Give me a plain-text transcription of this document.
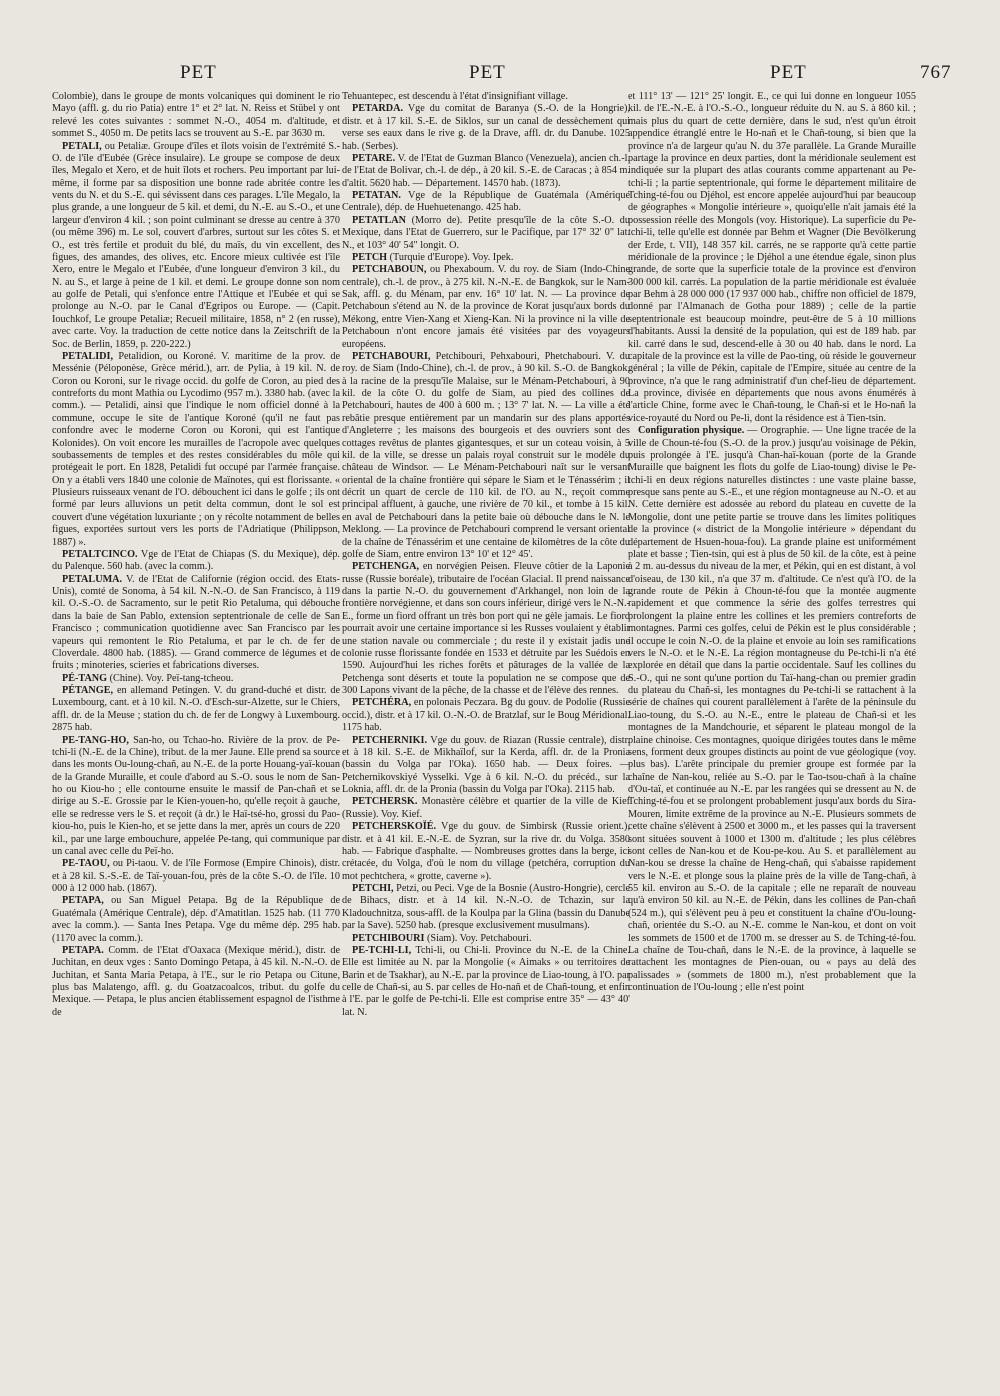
PET	PET	PET	767

Colombie), dans le groupe de monts volcaniques qui dominent le rio Mayo (affl. g. du rio Patia) entre 1° et 2° lat. N. Reiss et Stübel y ont relevé les cotes suivantes : sommet N.-O., 4054 m. d'altitude, et sommet S., 4050 m. De petits lacs se trouvent au S.-E. par 3630 m.

PETALI, ou Petaliæ. Groupe d'îles et îlots voisin de l'extrémité S.-O. de l'île d'Eubée (Grèce insulaire). Le groupe se compose de deux îles, Megalo et Xero, et de huit îlots et rochers. Peu important par lui-même, il forme par sa disposition une bonne rade abritée contre les vents du N. et du S.-E. qui sévissent dans ces parages. L'île Megalo, la plus grande, a une longueur de 5 kil. et demi, du N.-E. au S.-O., et une largeur d'environ 4 kil. ; son point culminant se dresse au centre à 370 (ou même 396) m. Le sol, couvert d'arbres, surtout sur les côtes S. et O., est très fertile et produit du blé, du maïs, du vin excellent, des figues, des amandes, des olives, etc. Encore mieux cultivée est l'île Xero, entre le Megalo et l'Eubée, d'une longueur d'environ 3 kil., du N. au S., et large à peine de 1 kil. et demi. Le groupe donne son nom au golfe de Petali, qui s'enfonce entre l'Attique et l'Eubée et qui se prolonge au N.-O. par le Canal d'Egripos ou Europe. — (Capit. Iouchkof, Le groupe Petaliæ; Recueil militaire, 1858, n° 2 (en russe), avec carte. Voy. la traduction de cette notice dans la Zeitschrift de la Soc. de Berlin, 1859, p. 220-222.)

PETALIDI, Petalidion, ou Koroné. V. maritime de la prov. de Messénie (Péloponèse, Grèce mérid.), arr. de Pylia, à 19 kil. N. de Coron ou Koroni, sur le rivage occid. du golfe de Coron, au pied des contreforts du mont Mathia ou Lycodimo (957 m.). 3380 hab. (avec la comm.). — Petalidi, ainsi que l'indique le nom officiel donné à la commune, occupe le site de l'antique Koroné (qu'il ne faut pas confondre avec le moderne Coron ou Koroni, qui est l'antique Kolonides). On voit encore les murailles de l'acropole avec quelques soubassements de temples et des restes considérables du môle qui protégeait le port. En 1828, Petalidi fut occupé par l'armée française. On y a établi vers 1840 une colonie de Maïnotes, qui est florissante. « Plusieurs ruisseaux venant de l'O. débouchent ici dans le golfe ; ils ont formé par leurs alluvions un petit delta commun, dont le sol est couvert d'une végétation luxuriante ; on y récolte notamment de belles figues, exportées surtout vers les ports de l'Adriatique (Philippson, 1887) ».

PETALTCINCO. Vge de l'Etat de Chiapas (S. du Mexique), dép. du Palenque. 560 hab. (avec la comm.).

PETALUMA. V. de l'Etat de Californie (région occid. des Etats-Unis), comté de Sonoma, à 54 kil. N.-N.-O. de San Francisco, à 119 kil. O.-S.-O. de Sacramento, sur le petit Rio Petaluma, qui débouche dans la baie de San Pablo, extension septentrionale de celle de San Francisco ; communication quotidienne avec San Francisco par les vapeurs qui remontent le Rio Petaluma, et par le ch. de fer de Cloverdale. 4800 hab. (1885). — Grand commerce de légumes et de fruits ; minoteries, scieries et fabrications diverses.

PÉ-TANG (Chine). Voy. Peï-tang-tcheou.

PÉTANGE, en allemand Petingen. V. du grand-duché et distr. de Luxembourg, cant. et à 10 kil. N.-O. d'Esch-sur-Alzette, sur le Chiers, affl. dr. de la Meuse ; station du ch. de fer de Longwy à Luxembourg. 2875 hab.

PE-TANG-HO, San-ho, ou Tchao-ho. Rivière de la prov. de Pe-tchi-li (N.-E. de la Chine), tribut. de la mer Jaune. Elle prend sa source dans les monts Ou-loung-chañ, au N.-E. de la porte Houang-yaï-kouan de la Grande Muraille, et coule d'abord au S.-O. sous le nom de San-ho ou Kiou-ho ; elle contourne ensuite le massif de Pan-chañ et se dirige au S.-E. Grossie par le Kien-youen-ho, qu'elle reçoit à gauche, elle se redresse vers le S. et reçoit (à dr.) le Haï-tsé-ho, grossi du Pao-kiou-ho, puis le Kien-ho, et se jette dans la mer, après un cours de 220 kil., par une large embouchure, appelée Pe-tang, qui communique par un canal avec celle du Peï-ho.

PE-TAOU, ou Pi-taou. V. de l'île Formose (Empire Chinois), distr. et à 28 kil. S.-S.-E. de Taï-youan-fou, près de la côte S.-O. de l'île. 10 000 à 12 000 hab. (1867).

PETAPA, ou San Miguel Petapa. Bg de la République de Guatémala (Amérique Centrale), dép. d'Amatitlan. 1525 hab. (11 770 avec la comm.). — Santa Ines Petapa. Vge du même dép. 295 hab. (1170 avec la comm.).

PETAPA. Comm. de l'Etat d'Oaxaca (Mexique mérid.), distr. de Juchitan, en deux vges : Santo Domingo Petapa, à 45 kil. N.-N.-O. de Juchitan, et Santa Maria Petapa, à l'E., sur le rio Petapa ou Citune, plus bas Malatengo, affl. g. du Goatzacoalcos, tribut. du golfe du Mexique. — Petapa, le plus ancien établissement espagnol de l'isthme de

Tehuantepec, est descendu à l'état d'insignifiant village.

PETARDA. Vge du comitat de Baranya (S.-O. de la Hongrie), distr. et à 17 kil. S.-E. de Siklos, sur un canal de dessèchement qui verse ses eaux dans le rive g. de la Drave, affl. dr. du Danube. 1025 hab. (Serbes).

PETARE. V. de l'Etat de Guzman Blanco (Venezuela), ancien ch.-l. de l'Etat de Bolivar, ch.-l. de dép., à 20 kil. S.-E. de Caracas ; à 854 m. d'altit. 5620 hab. — Département. 14570 hab. (1873).

PETATAN. Vge de la République de Guatémala (Amérique Centrale), dép. de Huehuetenango. 425 hab.

PETATLAN (Morro de). Petite presqu'île de la côte S.-O. du Mexique, dans l'Etat de Guerrero, sur le Pacifique, par 17° 32' 0" lat. N., et 103° 40' 54" longit. O.

PETCH (Turquie d'Europe). Voy. Ipek.

PETCHABOUN, ou Phexaboum. V. du roy. de Siam (Indo-Chine centrale), ch.-l. de prov., à 275 kil. N.-N.-E. de Bangkok, sur le Nam-Sak, affl. g. du Ménam, par env. 16° 10' lat. N. — La province de Petchaboun s'étend au N. de la province de Korat jusqu'aux bords du Mékong, entre Vien-Xang et Xieng-Kan. Ni la province ni la ville de Petchaboun n'ont encore jamais été visitées par des voyageurs européens.

PETCHABOURI, Petchibouri, Pehxabouri, Phetchabouri. V. du roy. de Siam (Indo-Chine), ch.-l. de prov., à 90 kil. S.-O. de Bangkok, à la racine de la presqu'île Malaise, sur le Ménam-Petchabouri, à 90 kil. de la côte O. du golfe de Siam, au pied des collines de Petchabouri, hautes de 400 à 600 m. ; 13° 7' lat. N. — La ville a été rebâtie presque entièrement par un mandarin sur des plans apportés d'Angleterre ; les maisons des bourgeois et des ouvriers sont des cottages revêtus de plantes gigantesques, et sur un coteau voisin, à 5 kil. de la ville, se dresse un palais royal construit sur le modèle du château de Windsor. — Le Ménam-Petchabouri naît sur le versant oriental de la chaîne frontière qui sépare le Siam et le Ténassérim ; il décrit un quart de cercle de 110 kil. de l'O. au N., reçoit comme principal affluent, à gauche, une rivière de 70 kil., et tombe à 15 kil. en aval de Petchabouri dans la petite baie où débouche dans le N. le Meklong. — La province de Petchabouri comprend le versant oriental de la chaîne de Ténassérim et une centaine de kilomètres de la côte du golfe de Siam, entre environ 13° 10' et 12° 45'.

PETCHENGA, en norvégien Peisen. Fleuve côtier de la Laponie russe (Russie boréale), tributaire de l'océan Glacial. Il prend naissance dans la partie N.-O. du gouvernement d'Arkhangel, non loin de la frontière norvégienne, et dans son cours inférieur, dirigé vers le N.-N.-E., forme un fiord offrant un très bon port qui ne gèle jamais. Le fiord pourrait avoir une certaine importance si les Russes voulaient y établir une station navale ou commerciale ; du reste il y existait jadis une colonie russe florissante fondée en 1533 et détruite par les Suédois en 1590. Aujourd'hui les riches forêts et pâturages de la vallée de la Petchenga sont déserts et toute la population ne se compose que de 300 Lapons vivant de la pêche, de la chasse et de l'élève des rennes.

PETCHÉRA, en polonais Peczara. Bg du gouv. de Podolie (Russie occid.), distr. et à 17 kil. O.-N.-O. de Bratzlaf, sur le Boug Méridional. 1175 hab.

PETCHERNIKI. Vge du gouv. de Riazan (Russie centrale), distr. et à 18 kil. S.-E. de Mikhaïlof, sur la Kerda, affl. dr. de la Pronia (bassin du Volga par l'Oka). 1650 hab. — Deux foires. — Petchernikovskiyé Vysselki. Vge à 6 kil. N.-O. du précéd., sur la Loknia, affl. dr. de la Pronia (bassin du Volga par l'Oka). 2115 hab.

PETCHERSK. Monastère célèbre et quartier de la ville de Kief (Russie). Voy. Kief.

PETCHERSKOÏÉ. Vge du gouv. de Simbirsk (Russie orient.), distr. et à 41 kil. E.-N.-E. de Syzran, sur la rive dr. du Volga. 3580 hab. — Fabrique d'asphalte. — Nombreuses grottes dans la berge, ici crétacée, du Volga, d'où le nom du village (petchéra, corruption du mot pechtchera, « grotte, caverne »).

PETCHI, Petzi, ou Peci. Vge de la Bosnie (Austro-Hongrie), cercle de Bihacs, distr. et à 14 kil. N.-N.-O. de Tchazin, sur la Kladouchnitza, sous-affl. de la Koulpa par la Glina (bassin du Danube par la Save). 5250 hab. (presque exclusivement musulmans).

PETCHIBOURI (Siam). Voy. Petchabouri.

PE-TCHI-LI, Tchi-li, ou Chi-li. Province du N.-E. de la Chine. Elle est limitée au N. par la Mongolie (« Aimaks » ou territoires de Barin et de Tsakhar), au N.-E. par la province de Liao-toung, à l'O. par celle de Chañ-si, au S. par celles de Ho-nañ et de Chañ-toung, et enfin à l'E. par le golfe de Pe-tchi-li. Elle est comprise entre 35° — 43° 40' lat. N.

et 111° 13' — 121° 25' longit. E., ce qui lui donne en longueur 1055 kil. de l'E.-N.-E. à l'O.-S.-O., longueur réduite du N. au S. à 860 kil. ; mais plus du quart de cette dernière, dans le sud, n'est qu'un étroit appendice étranglé entre le Ho-nañ et le Chañ-toung, si bien que la province n'a de largeur qu'au N. du 37e parallèle. La Grande Muraille partage la province en deux parties, dont la méridionale seulement est indiquée sur la plupart des atlas courants comme appartenant au Pe-tchi-li ; la partie septentrionale, qui forme le département militaire de Tching-té-fou ou Djéhol, est encore appelée aujourd'hui par beaucoup de géographes « Mongolie intérieure », quoiqu'elle n'ait jamais été la possession réelle des Mongols (voy. Historique). La superficie du Pe-tchi-li, telle qu'elle est donnée par Behm et Wagner (Die Bevölkerung der Erde, t. VII), 148 357 kil. carrés, ne se rapporte qu'à cette partie méridionale de la province ; le Djéhol a une étendue égale, sinon plus grande, de sorte que la superficie totale de la province est d'environ 300 000 kil. carrés. La population de la partie méridionale est évaluée par Behm à 28 000 000 (17 937 000 hab., chiffre non officiel de 1879, donné par l'Almanach de Gotha pour 1889) ; celle de la partie septentrionale est beaucoup moindre, peut-être de 5 à 10 millions d'habitants. Aussi la densité de la population, qui est de 189 hab. par kil. carré dans le sud, descend-elle à 30 ou 40 hab. dans le nord. La capitale de la province est la ville de Pao-ting, où réside le gouverneur général ; la ville de Pékin, capitale de l'Empire, située au centre de la province, n'a que le rang administratif d'un chef-lieu de département. La province, divisée en départements que nous avons énumérés à l'article Chine, forme avec le Chañ-toung, le Chañ-si et le Ho-nañ la vice-royauté du Nord ou Pe-li, dont la résidence est à Tien-tsin.

Configuration physique. — Orographie. — Une ligne tracée de la ville de Choun-té-fou (S.-O. de la prov.) jusqu'au voisinage de Pékin, puis prolongée à l'E. jusqu'à Chan-haï-kouan (porte de la Grande Muraille que baignent les flots du golfe de Liao-toung) divise le Pe-tchi-li en deux régions naturelles distinctes : une vaste plaine basse, presque sans pente au S.-E., et une région montagneuse au N.-O. et au N. Cette dernière est adossée au rebord du plateau en cuvette de la Mongolie, dont une petite partie se trouve dans les limites politiques de la province (« district de la Mongolie intérieure » dépendant du département de Hsuen-houa-fou). La grande plaine est uniformément plate et basse ; Tien-tsin, qui est à plus de 50 kil. de la côte, est à peine à 2 m. au-dessus du niveau de la mer, et Pékin, qui en est distant, à vol d'oiseau, de 130 kil., n'a que 37 m. d'altitude. Ce n'est qu'à l'O. de la grande route de Pékin à Choun-té-fou que la montée augmente rapidement et que commence la série des golfes terrestres qui prolongent la plaine entre les collines et les premiers contreforts de montagnes. Parmi ces golfes, celui de Pékin est le plus considérable ; il occupe le coin N.-O. de la plaine et envoie au loin ses ramifications vers le N.-O. et le N.-E. La région montagneuse du Pe-tchi-li n'a été explorée en détail que dans la partie occidentale. Sauf les collines du S.-O., qui ne sont qu'une portion du Taï-hang-chan ou premier gradin du plateau du Chañ-si, les montagnes du Pe-tchi-li se rattachent à la série de chaînes qui courent parallèlement à l'arête de la péninsule du Liao-toung, du S.-O. au N.-E., entre le plateau de Chañ-si et les montagnes de la Mandchourie, et séparent le plateau mongol de la plaine chinoise. Ces montagnes, quoique dirigées toutes dans le même sens, forment deux groupes distincts au point de vue géologique (voy. plus bas). L'arête principale du premier groupe est formée par la chaîne de Nan-kou, reliée au S.-O. par le Tao-tsou-chañ à la chaîne d'Ou-taï, et continuée au N.-E. par les rangées qui se dressent au N. de Tching-té-fou et se prolongent probablement jusqu'aux bords du Sira-Mouren, limite extrême de la province au N.-E. Plusieurs sommets de cette chaîne s'élèvent à 2500 et 3000 m., et les passes qui la traversent sont situées souvent à 1000 et 1300 m. d'altitude ; les plus célèbres sont celles de Nan-kou et de Kou-pe-kou. Au S. et parallèlement au Nan-kou se dresse la chaîne de Heng-chañ, qui s'abaisse rapidement vers le N.-E. et plonge sous la plaine près de la ville de Tang-chañ, à 55 kil. environ au S.-O. de la capitale ; elle ne reparaît de nouveau qu'à environ 50 kil. au N.-E. de Pékin, dans les collines de Pan-chañ (524 m.), qui s'élèvent peu à peu et constituent la chaîne d'Ou-loung-chañ, orientée du S.-O. au N.-E. comme le Nan-kou, et dont on voit les sommets de 1500 et de 1700 m. se dresser au S. de Tching-té-fou. La chaîne de Tou-chañ, dans le N.-E. de la province, à laquelle se rattachent les montagnes de Pien-ouan, ou « pays au delà des palissades » (sommets de 1800 m.), n'est probablement que la continuation de l'Ou-loung ; elle n'est point
